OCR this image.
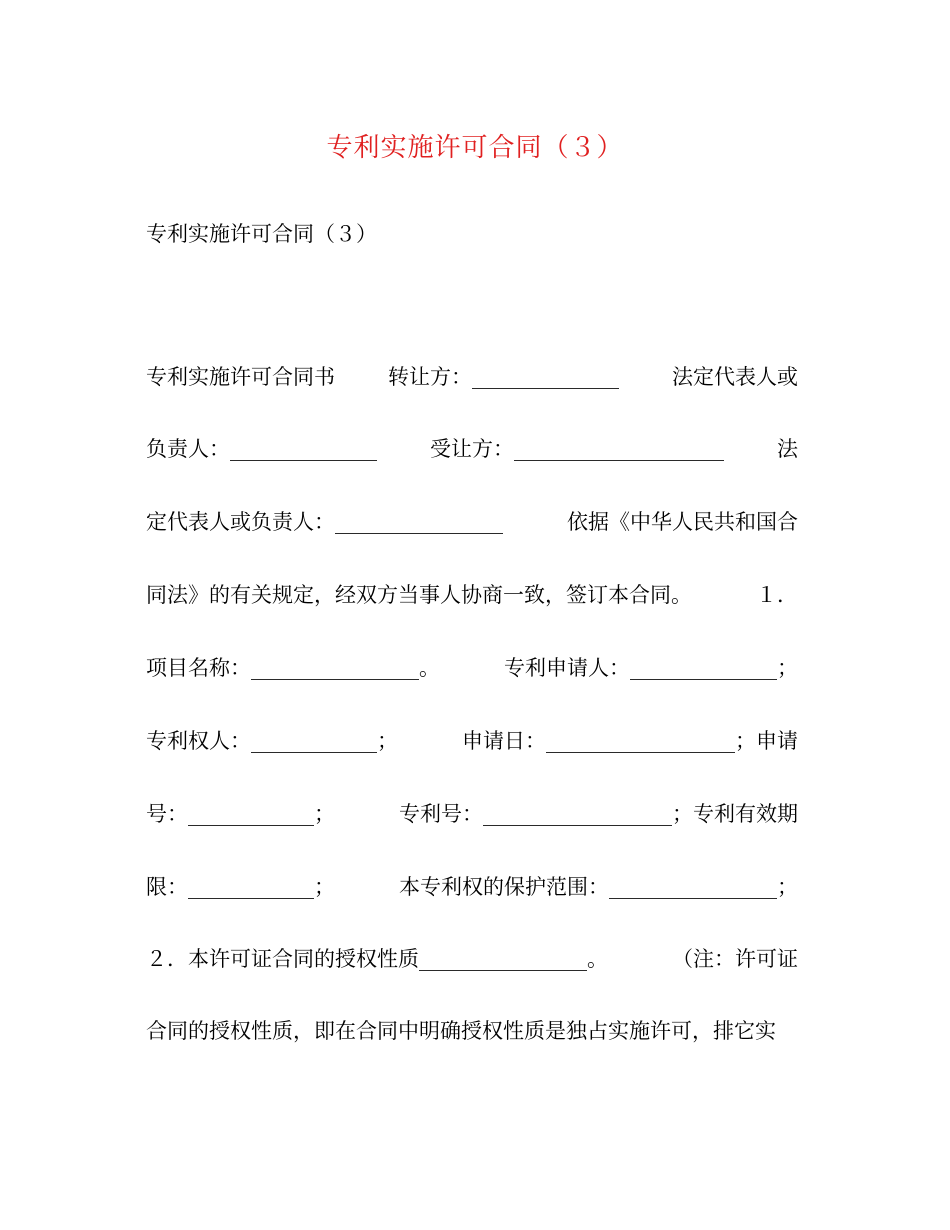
专利实施许可合同（３）
专利实施许可合同（３）
专利实施许可合同书	转让方：______________	法定代表人或
负责人：______________	受让方：____________________	法
定代表人或负责人：________________	依据《中华人民共和国合
同法》的有关规定，经双方当事人协商一致，签订本合同。	１．
项目名称：________________。	专利申请人：______________；
专利权人：____________；	申请日：__________________；申请
号：____________；	专利号：__________________；专利有效期
限：____________；	本专利权的保护范围：________________；
２．本许可证合同的授权性质________________。	（注：许可证
合同的授权性质，即在合同中明确授权性质是独占实施许可，排它实
